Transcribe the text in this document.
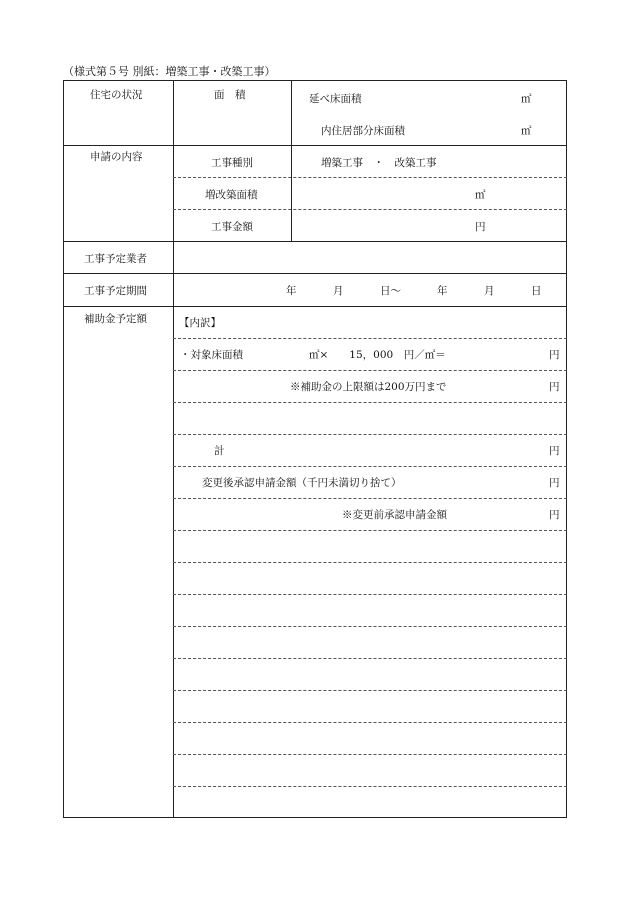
（様式第５号 別紙：増築工事・改築工事）
住宅の状況	面　積	延べ床面積	㎡
内住居部分床面積	㎡
申請の内容	工事種別	増築工事　・　改築工事
増改築面積	㎡
工事金額	円
工事予定業者
工事予定期間	年	月	日～	年	月	日
補助金予定額	【内訳】
・対象床面積	㎡×　　15，000　円／㎡＝	円
※補助金の上限額は200万円まで	円
計	円
変更後承認申請金額（千円未満切り捨て）	円
※変更前承認申請金額	円
